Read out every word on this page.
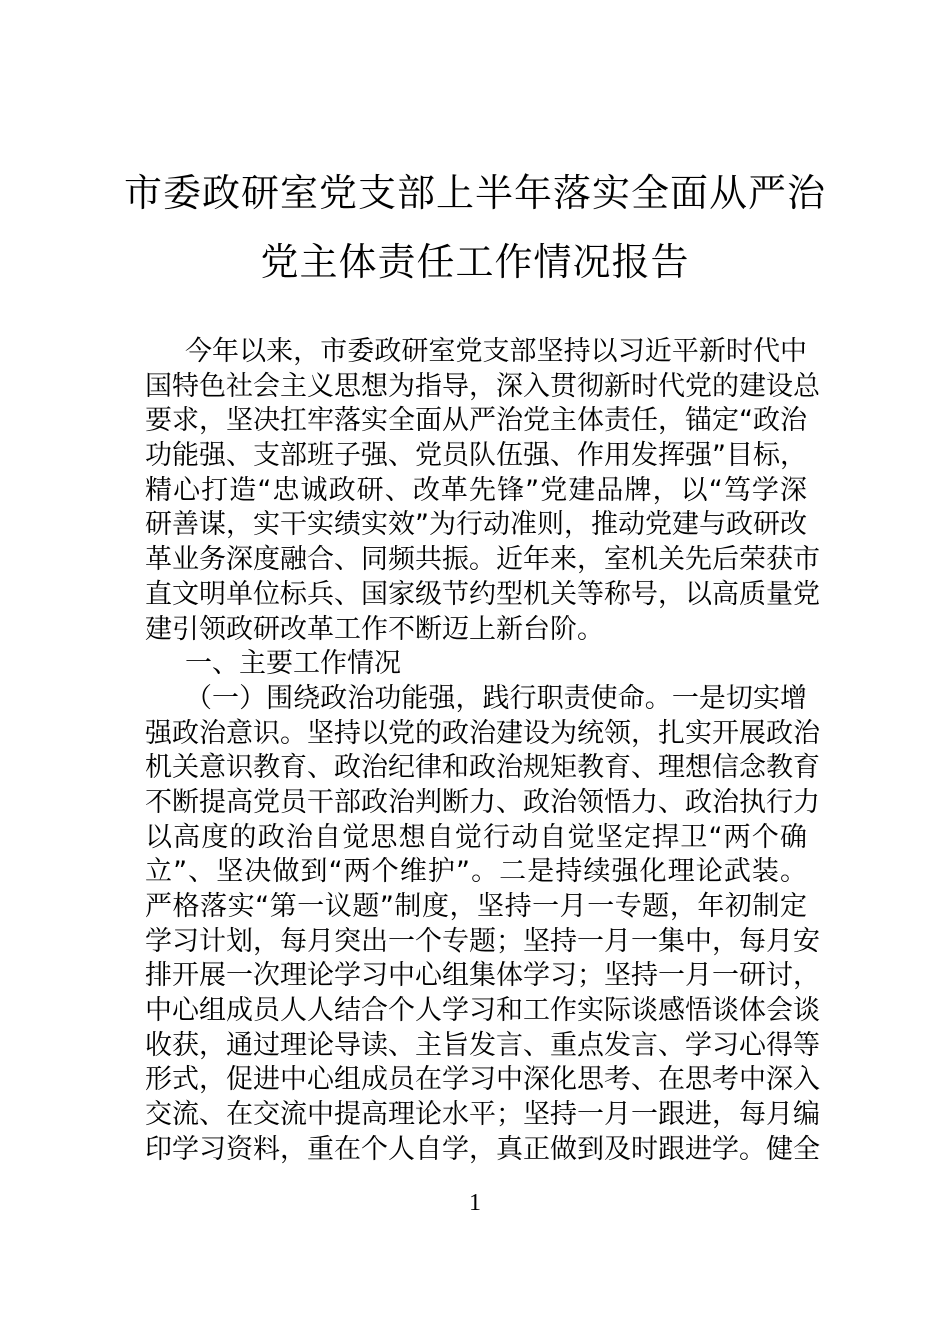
市委政研室党支部上半年落实全面从严治
党主体责任工作情况报告
今年以来，市委政研室党支部坚持以习近平新时代中
国特色社会主义思想为指导，深入贯彻新时代党的建设总
要求，坚决扛牢落实全面从严治党主体责任，锚定“政治
功能强、支部班子强、党员队伍强、作用发挥强”目标，
精心打造“忠诚政研、改革先锋”党建品牌，以“笃学深
研善谋，实干实绩实效”为行动准则，推动党建与政研改
革业务深度融合、同频共振。近年来，室机关先后荣获市
直文明单位标兵、国家级节约型机关等称号，以高质量党
建引领政研改革工作不断迈上新台阶。
一、主要工作情况
（一）围绕政治功能强，践行职责使命。一是切实增
强政治意识。坚持以党的政治建设为统领，扎实开展政治
机关意识教育、政治纪律和政治规矩教育、理想信念教育
不断提高党员干部政治判断力、政治领悟力、政治执行力
以高度的政治自觉思想自觉行动自觉坚定捍卫“两个确
立”、坚决做到“两个维护”。二是持续强化理论武装。
严格落实“第一议题”制度，坚持一月一专题，年初制定
学习计划，每月突出一个专题；坚持一月一集中，每月安
排开展一次理论学习中心组集体学习；坚持一月一研讨，
中心组成员人人结合个人学习和工作实际谈感悟谈体会谈
收获，通过理论导读、主旨发言、重点发言、学习心得等
形式，促进中心组成员在学习中深化思考、在思考中深入
交流、在交流中提高理论水平；坚持一月一跟进，每月编
印学习资料，重在个人自学，真正做到及时跟进学。健全
1
